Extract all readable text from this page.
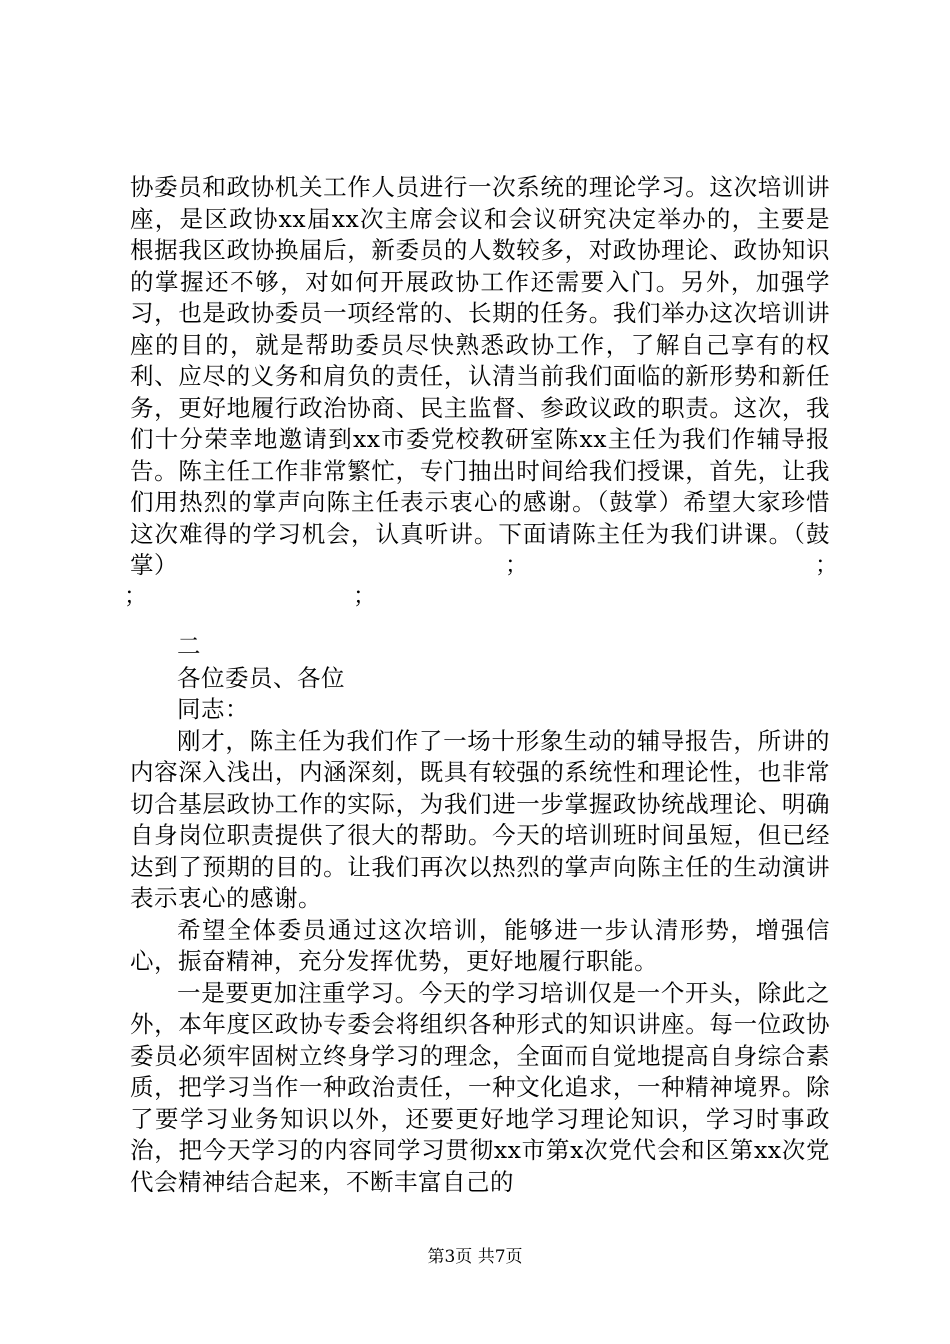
协委员和政协机关工作人员进行一次系统的理论学习。这次培训讲座，是区政协xx届xx次主席会议和会议研究决定举办的，主要是根据我区政协换届后，新委员的人数较多，对政协理论、政协知识的掌握还不够，对如何开展政协工作还需要入门。另外，加强学习，也是政协委员一项经常的、长期的任务。我们举办这次培训讲座的目的，就是帮助委员尽快熟悉政协工作，了解自己享有的权利、应尽的义务和肩负的责任，认清当前我们面临的新形势和新任务，更好地履行政治协商、民主监督、参政议政的职责。这次，我们十分荣幸地邀请到xx市委党校教研室陈xx主任为我们作辅导报告。陈主任工作非常繁忙，专门抽出时间给我们授课，首先，让我们用热烈的掌声向陈主任表示衷心的感谢。（鼓掌）希望大家珍惜这次难得的学习机会，认真听讲。下面请陈主任为我们讲课。（鼓掌）	；	；
；	；

二

各位委员、各位

同志：

刚才，陈主任为我们作了一场十形象生动的辅导报告，所讲的内容深入浅出，内涵深刻，既具有较强的系统性和理论性，也非常切合基层政协工作的实际，为我们进一步掌握政协统战理论、明确自身岗位职责提供了很大的帮助。今天的培训班时间虽短，但已经达到了预期的目的。让我们再次以热烈的掌声向陈主任的生动演讲表示衷心的感谢。

希望全体委员通过这次培训，能够进一步认清形势，增强信心，振奋精神，充分发挥优势，更好地履行职能。

一是要更加注重学习。今天的学习培训仅是一个开头，除此之外，本年度区政协专委会将组织各种形式的知识讲座。每一位政协委员必须牢固树立终身学习的理念，全面而自觉地提高自身综合素质，把学习当作一种政治责任，一种文化追求，一种精神境界。除了要学习业务知识以外，还要更好地学习理论知识，学习时事政治，把今天学习的内容同学习贯彻xx市第x次党代会和区第xx次党代会精神结合起来，不断丰富自己的

第3页 共7页
